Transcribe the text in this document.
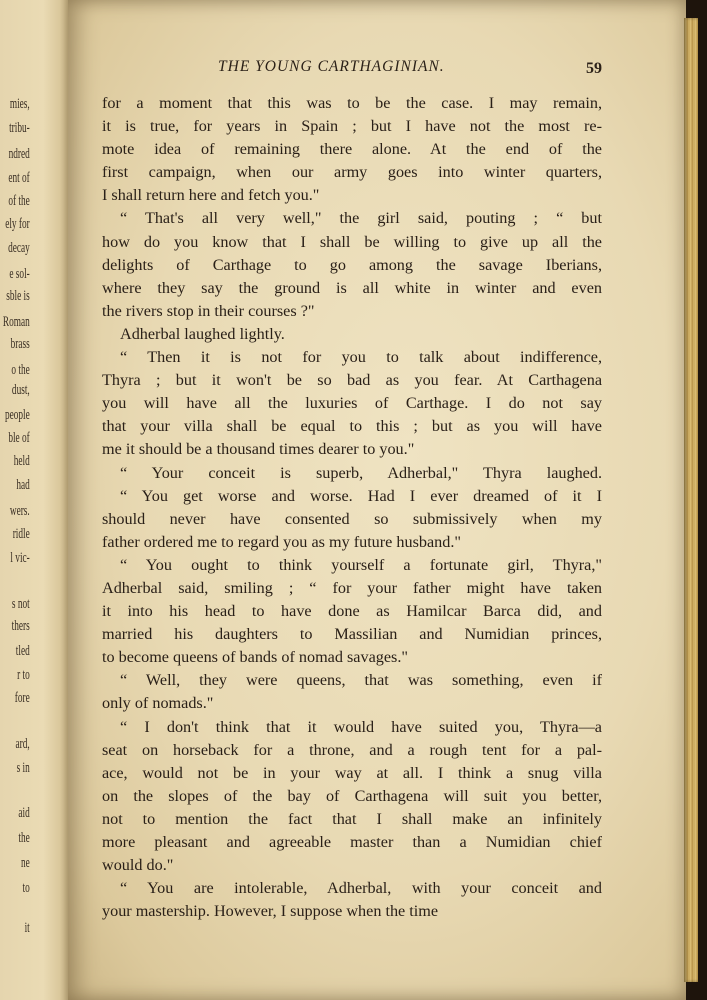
mies,
tribu-
ndred
ent of
of the
ely for
decay
e sol-
sble is
Roman
brass
o the
dust,
people
ble of
held
had
wers.
ridle
l vic-
s not
thers
tled
r to
fore
ard,
s in
aid
the
ne
to
it
THE YOUNG CARTHAGINIAN.	59
for a moment that this was to be the case. I may remain,
it is true, for years in Spain ; but I have not the most re-
mote idea of remaining there alone. At the end of the
first campaign, when our army goes into winter quarters,
I shall return here and fetch you."
“ That's all very well," the girl said, pouting ; “ but
how do you know that I shall be willing to give up all the
delights of Carthage to go among the savage Iberians,
where they say the ground is all white in winter and even
the rivers stop in their courses ?"
Adherbal laughed lightly.
“ Then it is not for you to talk about indifference,
Thyra ; but it won't be so bad as you fear. At Carthagena
you will have all the luxuries of Carthage. I do not say
that your villa shall be equal to this ; but as you will have
me it should be a thousand times dearer to you."
“ Your conceit is superb, Adherbal," Thyra laughed.
“ You get worse and worse. Had I ever dreamed of it I
should never have consented so submissively when my
father ordered me to regard you as my future husband."
“ You ought to think yourself a fortunate girl, Thyra,"
Adherbal said, smiling ; “ for your father might have taken
it into his head to have done as Hamilcar Barca did, and
married his daughters to Massilian and Numidian princes,
to become queens of bands of nomad savages."
“ Well, they were queens, that was something, even if
only of nomads."
“ I don't think that it would have suited you, Thyra—a
seat on horseback for a throne, and a rough tent for a pal-
ace, would not be in your way at all. I think a snug villa
on the slopes of the bay of Carthagena will suit you better,
not to mention the fact that I shall make an infinitely
more pleasant and agreeable master than a Numidian chief
would do."
“ You are intolerable, Adherbal, with your conceit and
your mastership. However, I suppose when the time
